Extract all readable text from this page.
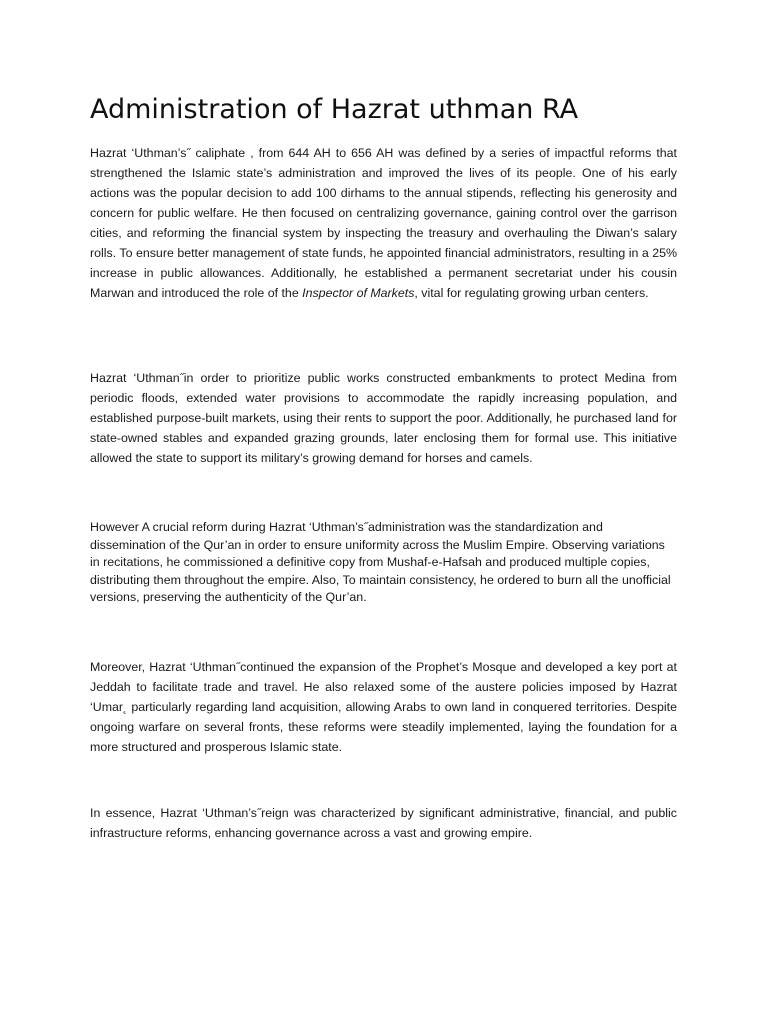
Administration of Hazrat uthman RA

Hazrat ‘Uthman’s˝ caliphate , from 644 AH to 656 AH was defined by a series of impactful reforms that strengthened the Islamic state’s administration and improved the lives of its people. One of his early actions was the popular decision to add 100 dirhams to the annual stipends, reflecting his generosity and concern for public welfare. He then focused on centralizing governance, gaining control over the garrison cities, and reforming the financial system by inspecting the treasury and overhauling the Diwan’s salary rolls. To ensure better management of state funds, he appointed financial administrators, resulting in a 25% increase in public allowances. Additionally, he established a permanent secretariat under his cousin Marwan and introduced the role of the Inspector of Markets, vital for regulating growing urban centers.

Hazrat ‘Uthman˝in order to prioritize public works constructed embankments to protect Medina from periodic floods, extended water provisions to accommodate the rapidly increasing population, and established purpose-built markets, using their rents to support the poor. Additionally, he purchased land for state-owned stables and expanded grazing grounds, later enclosing them for formal use. This initiative allowed the state to support its military’s growing demand for horses and camels.

However A crucial reform during Hazrat ‘Uthman’s˝administration was the standardization and dissemination of the Qur’an in order to ensure uniformity across the Muslim Empire. Observing variations in recitations, he commissioned a definitive copy from Mushaf-e-Hafsah and produced multiple copies, distributing them throughout the empire. Also, To maintain consistency, he ordered to burn all the unofficial versions, preserving the authenticity of the Qur’an.

Moreover, Hazrat ‘Uthman˝continued the expansion of the Prophet’s Mosque and developed a key port at Jeddah to facilitate trade and travel. He also relaxed some of the austere policies imposed by Hazrat ‘Umar˛ particularly regarding land acquisition, allowing Arabs to own land in conquered territories. Despite ongoing warfare on several fronts, these reforms were steadily implemented, laying the foundation for a more structured and prosperous Islamic state.

In essence, Hazrat ‘Uthman’s˝reign was characterized by significant administrative, financial, and public infrastructure reforms, enhancing governance across a vast and growing empire.
